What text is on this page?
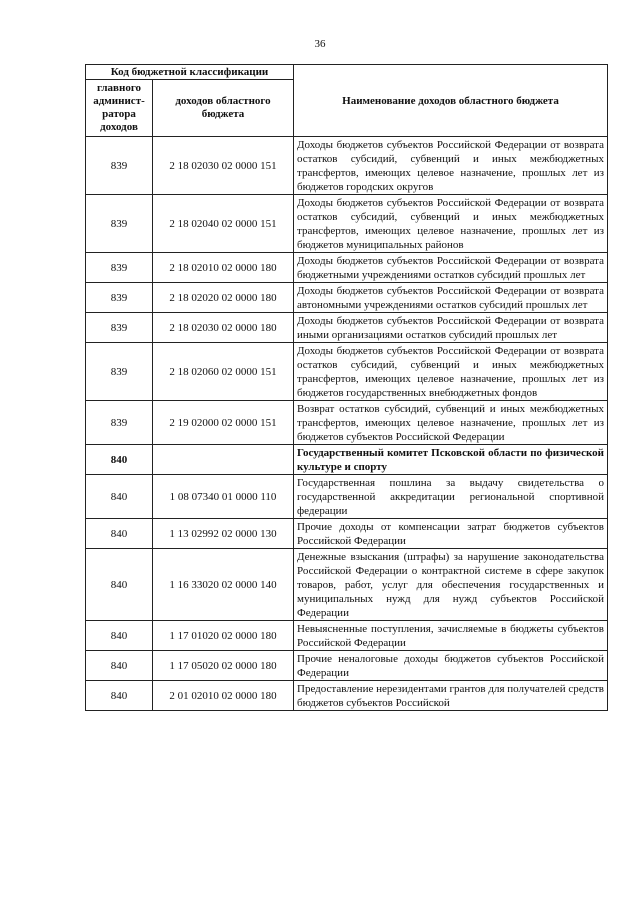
36
Код бюджетной классификации		Наименование доходов областного бюджета
главного админист-ратора доходов	доходов областного бюджета	
839	2 18 02030 02 0000 151	Доходы бюджетов субъектов Российской Федерации от возврата остатков субсидий, субвенций и иных межбюджетных трансфертов, имеющих целевое назначение, прошлых лет из бюджетов городских округов
839	2 18 02040 02 0000 151	Доходы бюджетов субъектов Российской Федерации от возврата остатков субсидий, субвенций и иных межбюджетных трансфертов, имеющих целевое назначение, прошлых лет из бюджетов муниципальных районов
839	2 18 02010 02 0000 180	Доходы бюджетов субъектов Российской Федерации от возврата бюджетными учреждениями остатков субсидий прошлых лет
839	2 18 02020 02 0000 180	Доходы бюджетов субъектов Российской Федерации от возврата автономными учреждениями остатков субсидий прошлых лет
839	2 18 02030 02 0000 180	Доходы бюджетов субъектов Российской Федерации от возврата иными организациями остатков субсидий прошлых лет
839	2 18 02060 02 0000 151	Доходы бюджетов субъектов Российской Федерации от возврата остатков субсидий, субвенций и иных межбюджетных трансфертов, имеющих целевое назначение, прошлых лет из бюджетов государственных внебюджетных фондов
839	2 19 02000 02 0000 151	Возврат остатков субсидий, субвенций и иных межбюджетных трансфертов, имеющих целевое назначение, прошлых лет из бюджетов субъектов Российской Федерации
840		Государственный комитет Псковской области по физической культуре и спорту
840	1 08 07340 01 0000 110	Государственная пошлина за выдачу свидетельства о государственной аккредитации региональной спортивной федерации
840	1 13 02992 02 0000 130	Прочие доходы от компенсации затрат бюджетов субъектов Российской Федерации
840	1 16 33020 02 0000 140	Денежные взыскания (штрафы) за нарушение законодательства Российской Федерации о контрактной системе в сфере закупок товаров, работ, услуг для обеспечения государственных и муниципальных нужд для нужд субъектов Российской Федерации
840	1 17 01020 02 0000 180	Невыясненные поступления, зачисляемые в бюджеты субъектов Российской Федерации
840	1 17 05020 02 0000 180	Прочие неналоговые доходы бюджетов субъектов Российской Федерации
840	2 01 02010 02 0000 180	Предоставление нерезидентами грантов для получателей средств бюджетов субъектов Российской
